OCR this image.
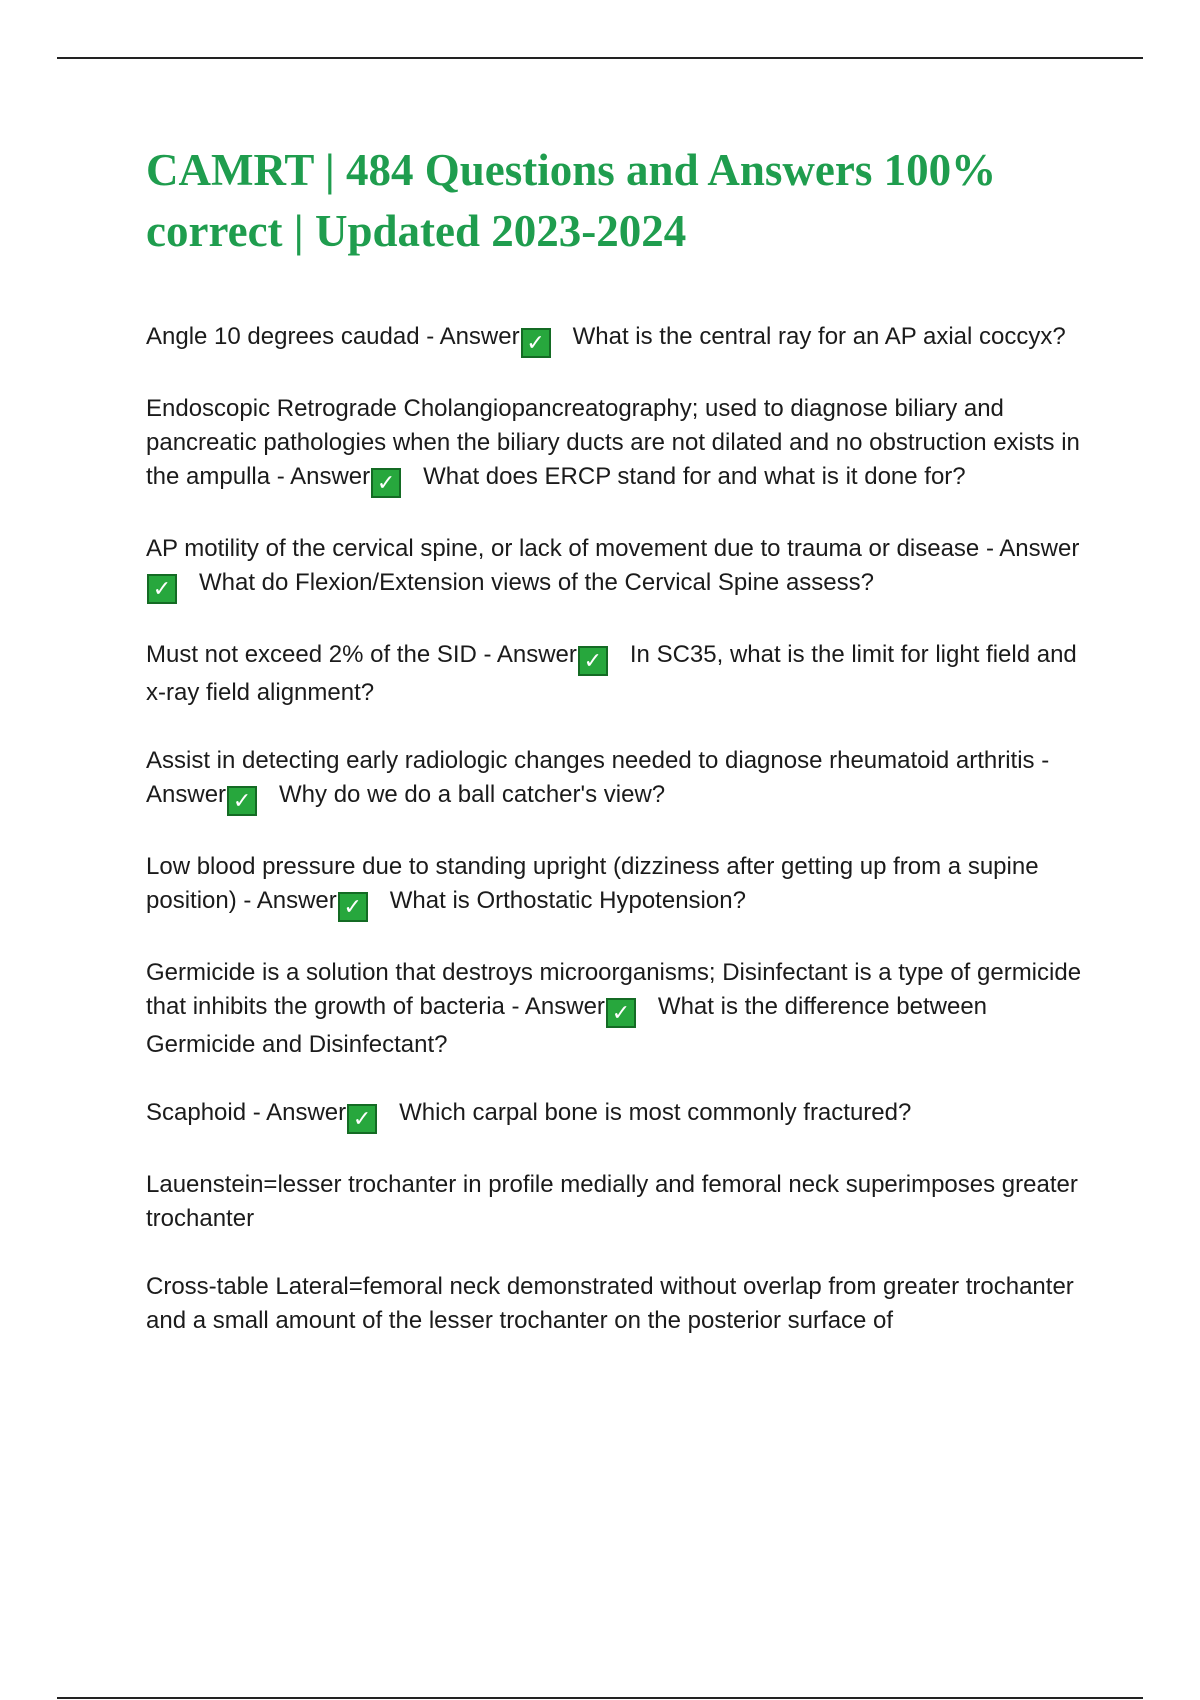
CAMRT | 484 Questions and Answers 100% correct | Updated 2023-2024

Angle 10 degrees caudad - Answer ✓ What is the central ray for an AP axial coccyx?

Endoscopic Retrograde Cholangiopancreatography; used to diagnose biliary and pancreatic pathologies when the biliary ducts are not dilated and no obstruction exists in the ampulla - Answer ✓ What does ERCP stand for and what is it done for?

AP motility of the cervical spine, or lack of movement due to trauma or disease - Answer✓ What do Flexion/Extension views of the Cervical Spine assess?

Must not exceed 2% of the SID - Answer ✓ In SC35, what is the limit for light field and x-ray field alignment?

Assist in detecting early radiologic changes needed to diagnose rheumatoid arthritis - Answer ✓ Why do we do a ball catcher's view?

Low blood pressure due to standing upright (dizziness after getting up from a supine position) - Answer ✓ What is Orthostatic Hypotension?

Germicide is a solution that destroys microorganisms; Disinfectant is a type of germicide that inhibits the growth of bacteria - Answer ✓ What is the difference between Germicide and Disinfectant?

Scaphoid - Answer ✓ Which carpal bone is most commonly fractured?

Lauenstein=lesser trochanter in profile medially and femoral neck superimposes greater trochanter

Cross-table Lateral=femoral neck demonstrated without overlap from greater trochanter and a small amount of the lesser trochanter on the posterior surface of
